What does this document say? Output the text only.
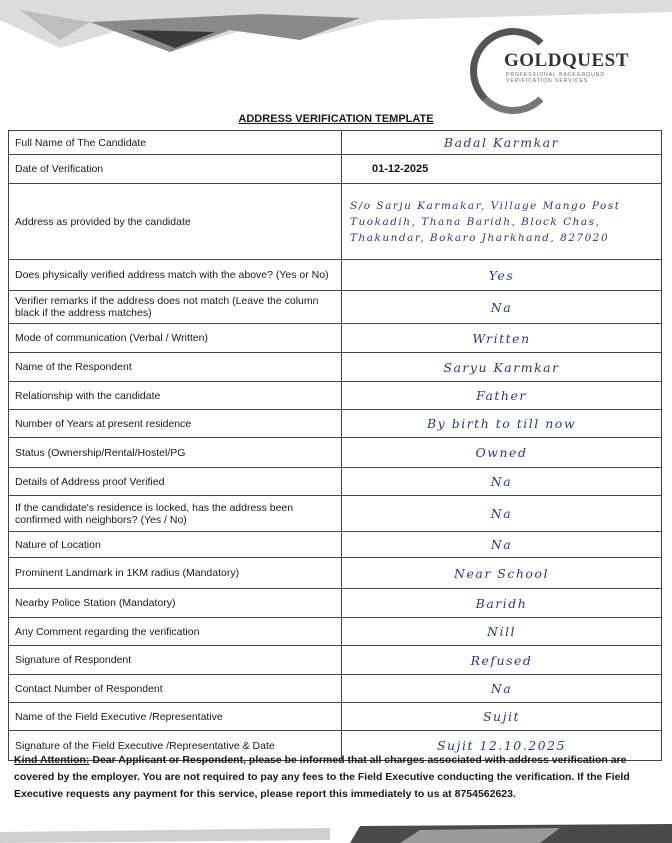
GOLDQUEST
PROFESSIONAL BACKGROUND VERIFICATION SERVICES
ADDRESS VERIFICATION TEMPLATE
Full Name of The Candidate	Badal Karmkar
Date of Verification	01-12-2025
Address as provided by the candidate	S/o Sarju Karmakar, Village Mango Post Tuokadih, Thana Baridh, Block Chas, Thakundar, Bokaro Jharkhand, 827020
Does physically verified address match with the above? (Yes or No)	Yes
Verifier remarks if the address does not match (Leave the column black if the address matches)	Na
Mode of communication (Verbal / Written)	Written
Name of the Respondent	Saryu Karmkar
Relationship with the candidate	Father
Number of Years at present residence	By birth to till now
Status (Ownership/Rental/Hostel/PG	Owned
Details of Address proof Verified	Na
If the candidate's residence is locked, has the address been confirmed with neighbors? (Yes / No)	Na
Nature of Location	Na
Prominent Landmark in 1KM radius (Mandatory)	Near School
Nearby Police Station (Mandatory)	Baridh
Any Comment regarding the verification	Nill
Signature of Respondent	Refused
Contact Number of Respondent	Na
Name of the Field Executive /Representative	Sujit
Signature of the Field Executive /Representative & Date	Sujit 12.10.2025
Kind Attention: Dear Applicant or Respondent, please be informed that all charges associated with address verification are covered by the employer. You are not required to pay any fees to the Field Executive conducting the verification. If the Field Executive requests any payment for this service, please report this immediately to us at 8754562623.
